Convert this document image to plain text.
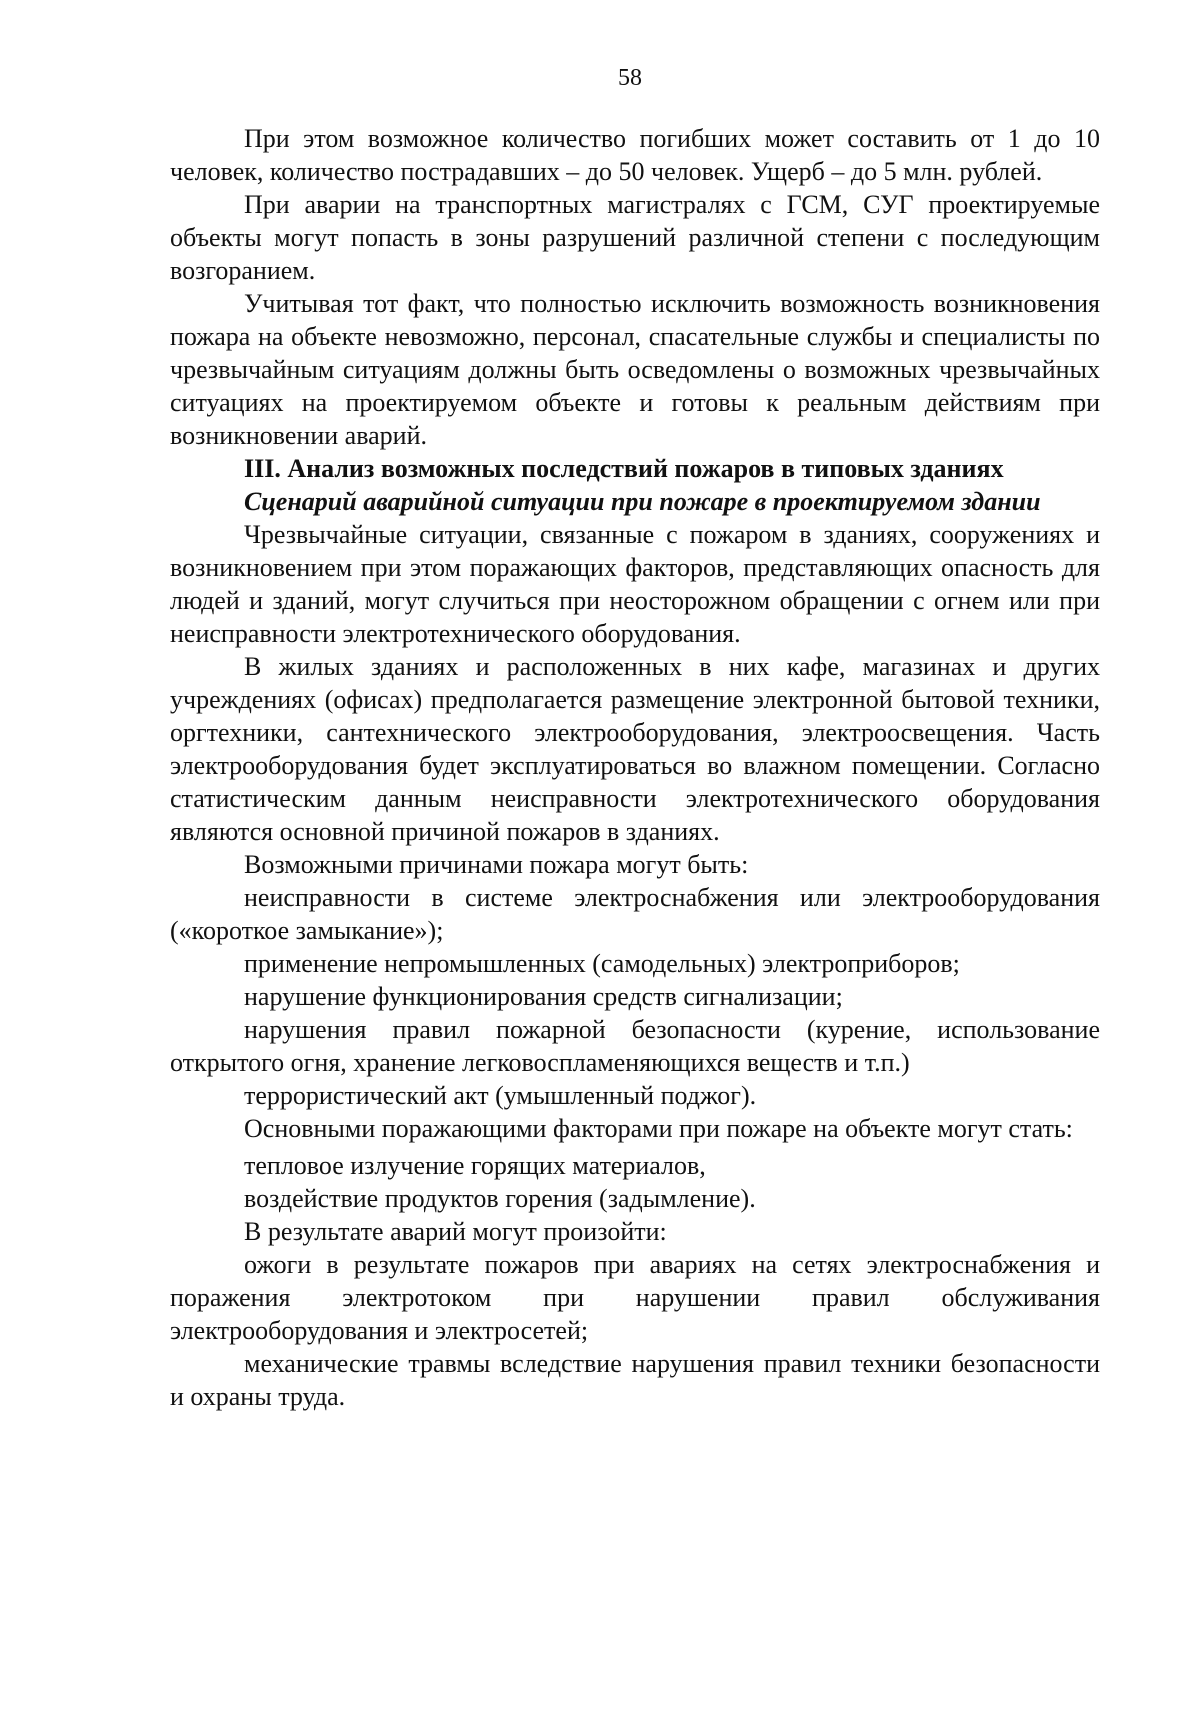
58

При этом возможное количество погибших может составить от 1 до 10 человек, количество пострадавших – до 50 человек. Ущерб – до 5 млн. рублей.

При аварии на транспортных магистралях с ГСМ, СУГ проектируемые объекты могут попасть в зоны разрушений различной степени с последующим возгоранием.

Учитывая тот факт, что полностью исключить возможность возникновения пожара на объекте невозможно, персонал, спасательные службы и специалисты по чрезвычайным ситуациям должны быть осведомлены о возможных чрезвычайных ситуациях на проектируемом объекте и готовы к реальным действиям при возникновении аварий.

III. Анализ возможных последствий пожаров в типовых зданиях

Сценарий аварийной ситуации при пожаре в проектируемом здании

Чрезвычайные ситуации, связанные с пожаром в зданиях, сооружениях и возникновением при этом поражающих факторов, представляющих опасность для людей и зданий, могут случиться при неосторожном обращении с огнем или при неисправности электротехнического оборудования.

В жилых зданиях и расположенных в них кафе, магазинах и других учреждениях (офисах) предполагается размещение электронной бытовой техники, оргтехники, сантехнического электрооборудования, электроосвещения. Часть электрооборудования будет эксплуатироваться во влажном помещении. Согласно статистическим данным неисправности электротехнического оборудования являются основной причиной пожаров в зданиях.

Возможными причинами пожара могут быть:

неисправности в системе электроснабжения или электрооборудования («короткое замыкание»);

применение непромышленных (самодельных) электроприборов;

нарушение функционирования средств сигнализации;

нарушения правил пожарной безопасности (курение, использование открытого огня, хранение легковоспламеняющихся веществ и т.п.)

террористический акт (умышленный поджог).

Основными поражающими факторами при пожаре на объекте могут стать:

тепловое излучение горящих материалов,

воздействие продуктов горения (задымление).

В результате аварий могут произойти:

ожоги в результате пожаров при авариях на сетях электроснабжения и поражения электротоком при нарушении правил обслуживания электрооборудования и электросетей;

механические травмы вследствие нарушения правил техники безопасности и охраны труда.
